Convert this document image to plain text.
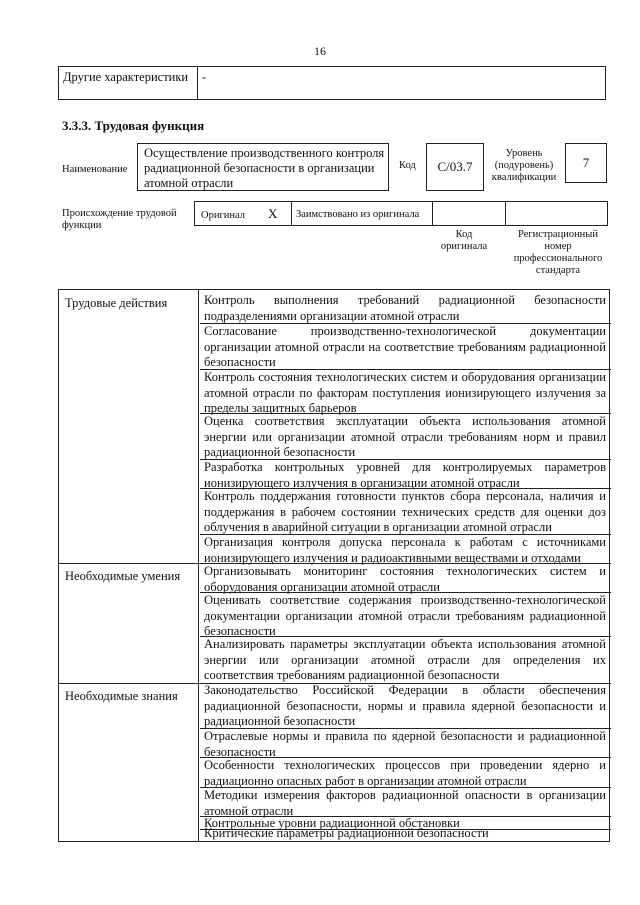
16
Другие характеристики	-
3.3.3. Трудовая функция
Наименование
Осуществление производственного контроля радиационной безопасности в организации атомной отрасли
Код	C/03.7
Уровень (подуровень) квалификации
7
Происхождение трудовой функции
Оригинал X Заимствовано из оригинала
Код оригинала
Регистрационный номер профессионального стандарта
Трудовые действия	Контроль выполнения требований радиационной безопасности подразделениями организации атомной отрасли
Согласование производственно-технологической документации организации атомной отрасли на соответствие требованиям радиационной безопасности
Контроль состояния технологических систем и оборудования организации атомной отрасли по факторам поступления ионизирующего излучения за пределы защитных барьеров
Оценка соответствия эксплуатации объекта использования атомной энергии или организации атомной отрасли требованиям норм и правил радиационной безопасности
Разработка контрольных уровней для контролируемых параметров ионизирующего излучения в организации атомной отрасли
Контроль поддержания готовности пунктов сбора персонала, наличия и поддержания в рабочем состоянии технических средств для оценки доз облучения в аварийной ситуации в организации атомной отрасли
Организация контроля допуска персонала к работам с источниками ионизирующего излучения и радиоактивными веществами и отходами
Необходимые умения Организовывать мониторинг состояния технологических систем и оборудования организации атомной отрасли
Оценивать соответствие содержания производственно-технологической документации организации атомной отрасли требованиям радиационной безопасности
Анализировать параметры эксплуатации объекта использования атомной энергии или организации атомной отрасли для определения их соответствия требованиям радиационной безопасности
Необходимые знания Законодательство Российской Федерации в области обеспечения радиационной безопасности, нормы и правила ядерной безопасности и радиационной безопасности
Отраслевые нормы и правила по ядерной безопасности и радиационной безопасности
Особенности технологических процессов при проведении ядерно и радиационно опасных работ в организации атомной отрасли
Методики измерения факторов радиационной опасности в организации атомной отрасли
Контрольные уровни радиационной обстановки
Критические параметры радиационной безопасности
